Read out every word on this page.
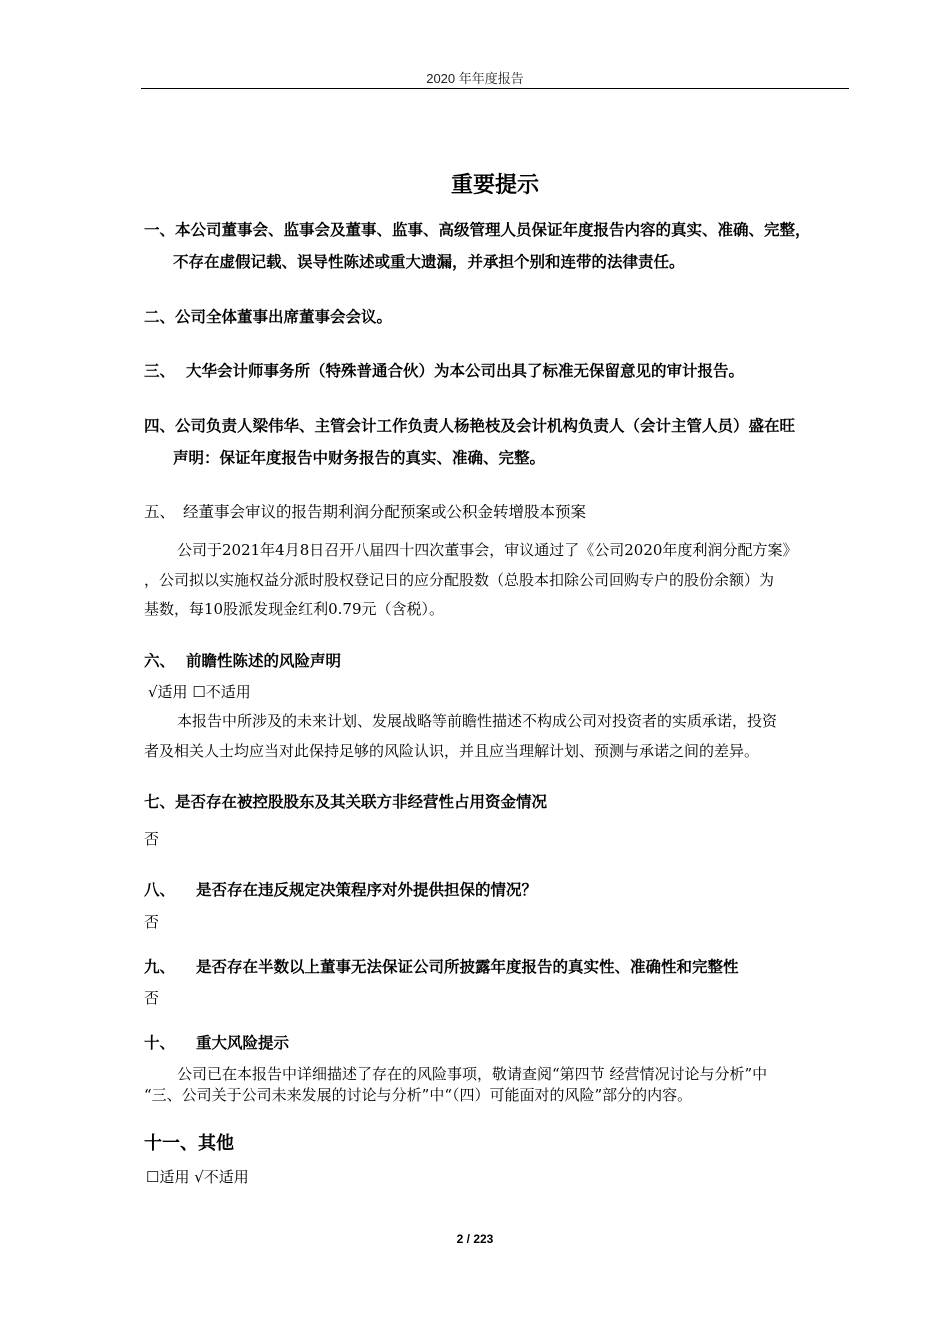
2020 年年度报告
重要提示
一、本公司董事会、监事会及董事、监事、高级管理人员保证年度报告内容的真实、准确、完整，
不存在虚假记载、误导性陈述或重大遗漏，并承担个别和连带的法律责任。
二、公司全体董事出席董事会会议。
三、 大华会计师事务所（特殊普通合伙）为本公司出具了标准无保留意见的审计报告。
四、公司负责人梁伟华、主管会计工作负责人杨艳枝及会计机构负责人（会计主管人员）盛在旺
声明：保证年度报告中财务报告的真实、准确、完整。
五、 经董事会审议的报告期利润分配预案或公积金转增股本预案
公司于2021年4月8日召开八届四十四次董事会，审议通过了《公司2020年度利润分配方案》
，公司拟以实施权益分派时股权登记日的应分配股数（总股本扣除公司回购专户的股份余额）为
基数，每10股派发现金红利0.79元（含税）。
六、 前瞻性陈述的风险声明
√适用 ☐不适用
本报告中所涉及的未来计划、发展战略等前瞻性描述不构成公司对投资者的实质承诺，投资
者及相关人士均应当对此保持足够的风险认识，并且应当理解计划、预测与承诺之间的差异。
七、是否存在被控股股东及其关联方非经营性占用资金情况
否
八、 是否存在违反规定决策程序对外提供担保的情况？
否
九、 是否存在半数以上董事无法保证公司所披露年度报告的真实性、准确性和完整性
否
十、 重大风险提示
公司已在本报告中详细描述了存在的风险事项，敬请查阅“第四节 经营情况讨论与分析”中
“三、公司关于公司未来发展的讨论与分析”中“（四）可能面对的风险”部分的内容。
十一、其他
☐适用 √不适用
2 / 223
